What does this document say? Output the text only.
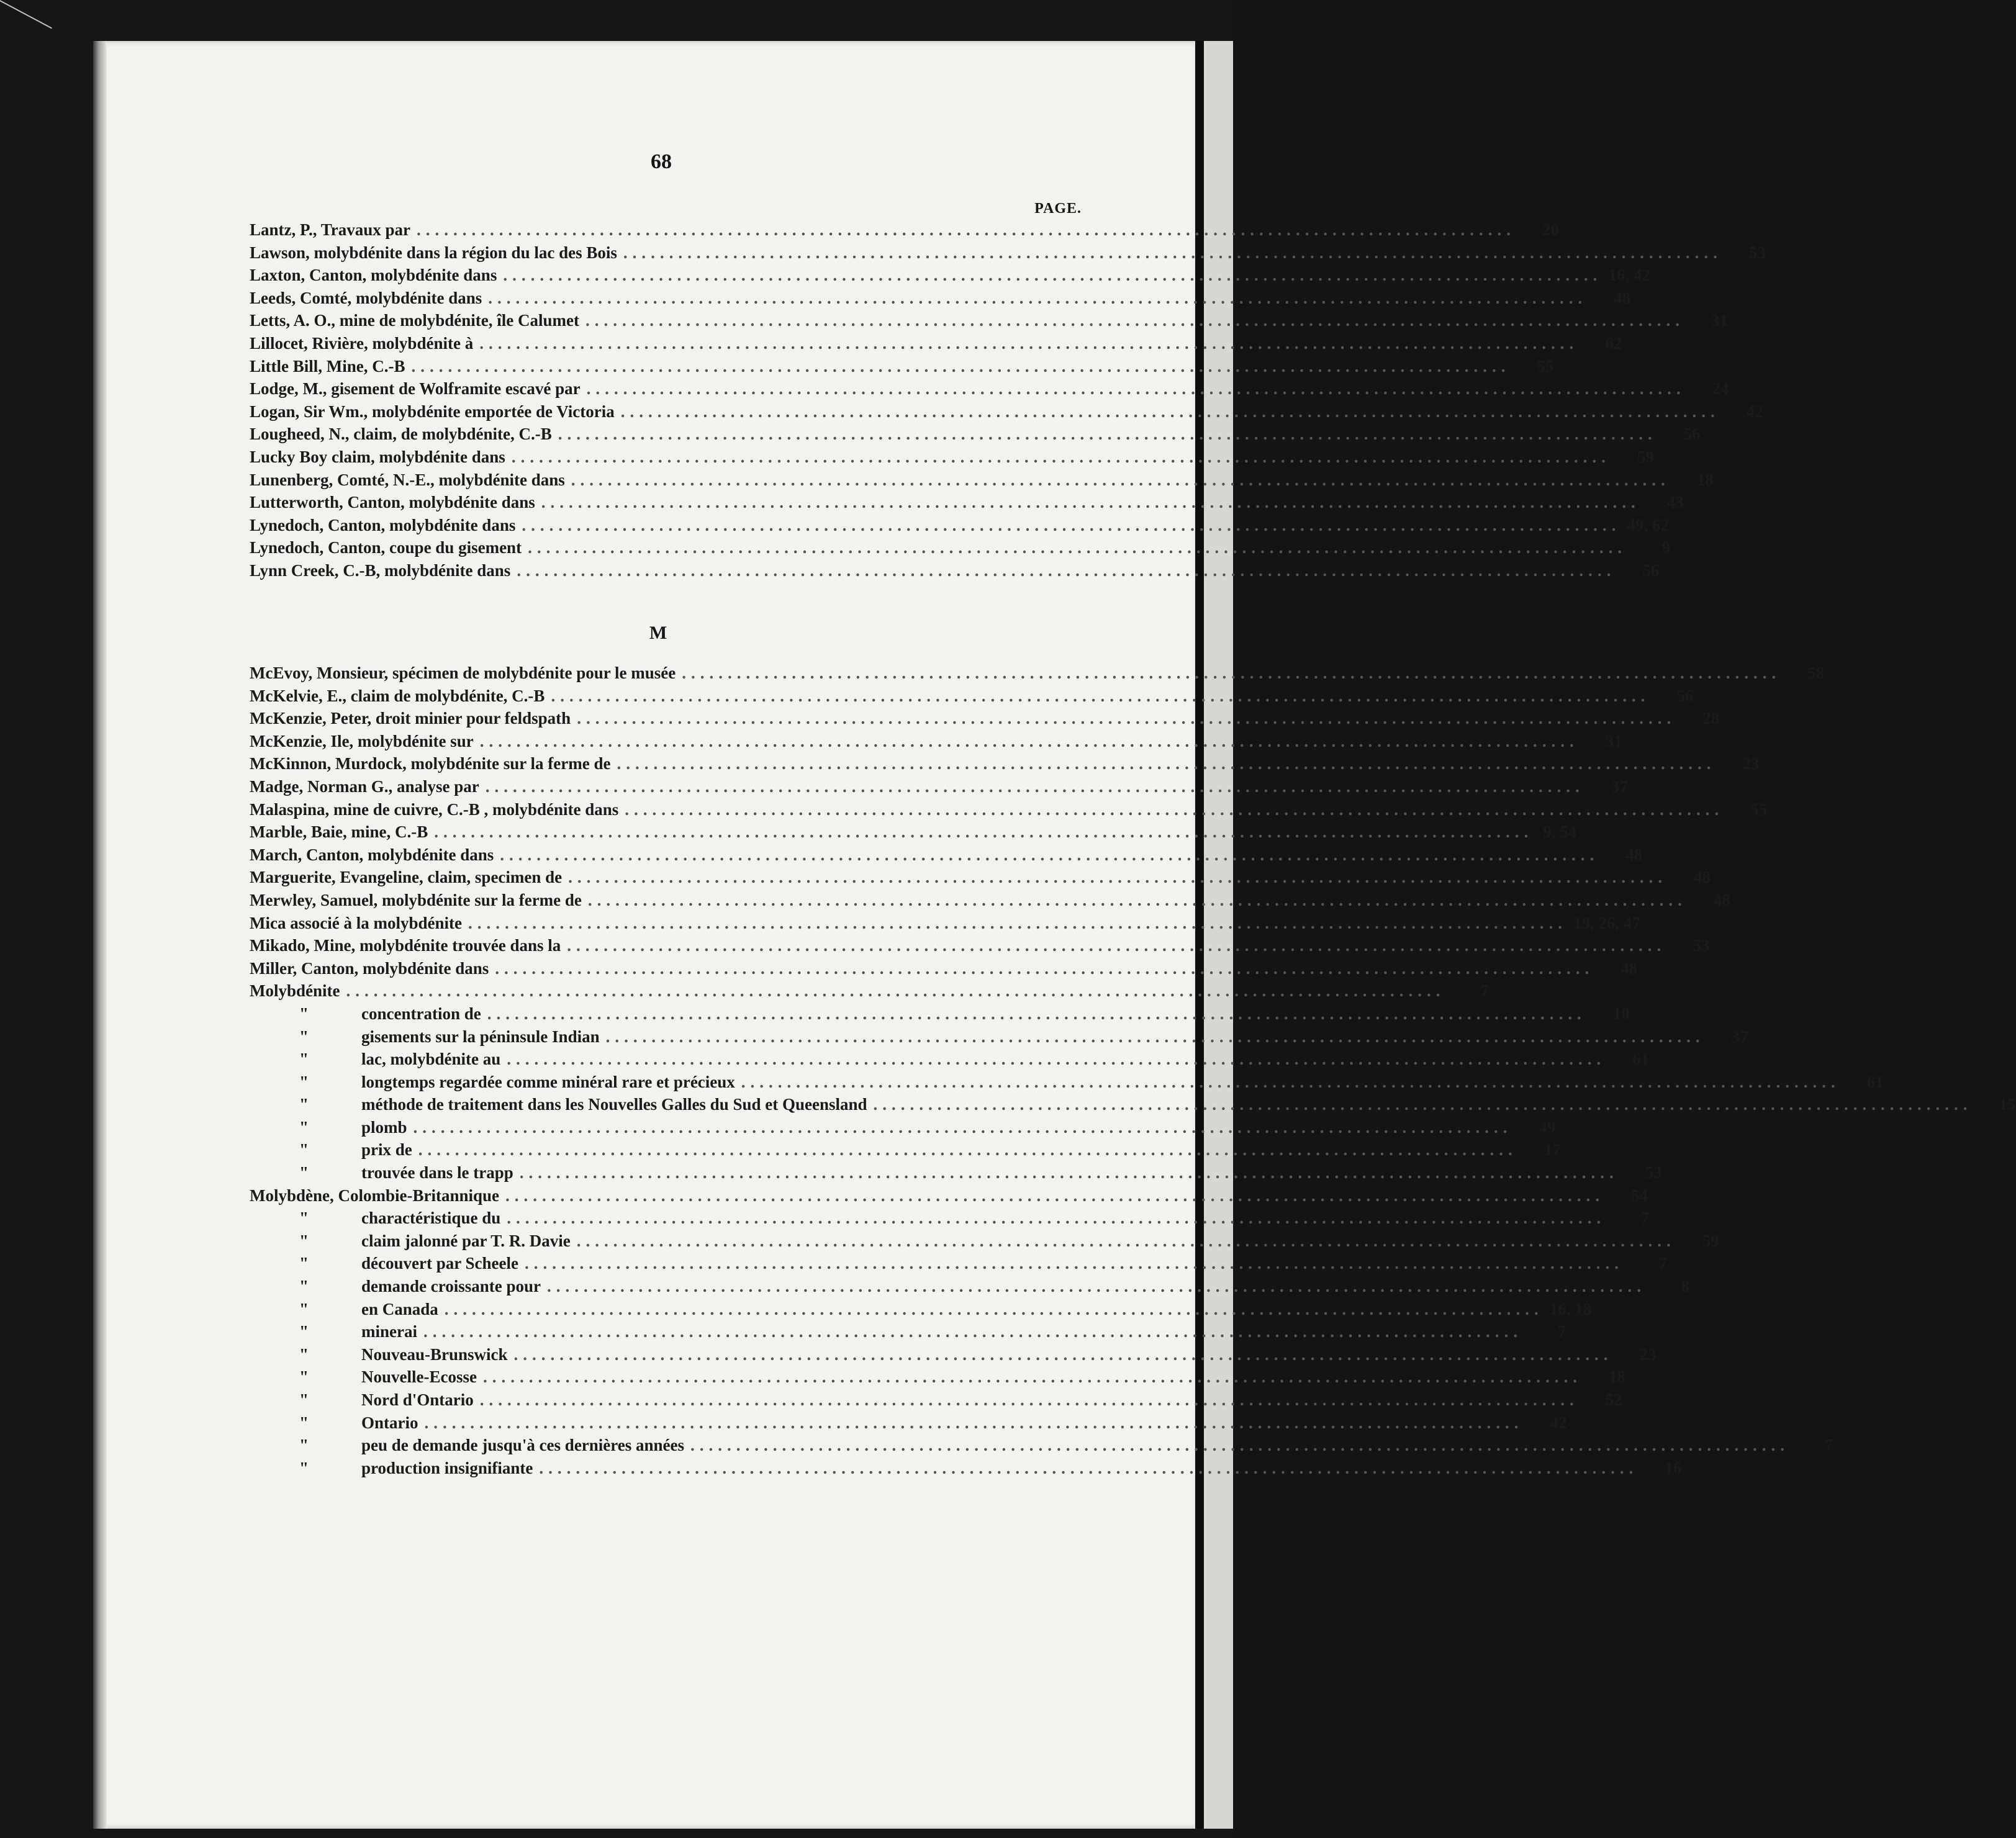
68
PAGE.
Lantz, P., Travaux par ........................................................................................................................	20
Lawson, molybdénite dans la région du lac des Bois ........................................................................................................................	53
Laxton, Canton, molybdénite dans ........................................................................................................................ 16, 42
Leeds, Comté, molybdénite dans ........................................................................................................................	48
Letts, A. O., mine de molybdénite, île Calumet ........................................................................................................................	31
Lillocet, Rivière, molybdénite à ........................................................................................................................	62
Little Bill, Mine, C.-B ........................................................................................................................	55
Lodge, M., gisement de Wolframite escavé par ........................................................................................................................	24
Logan, Sir Wm., molybdénite emportée de Victoria ........................................................................................................................	42
Lougheed, N., claim, de molybdénite, C.-B ........................................................................................................................	56
Lucky Boy claim, molybdénite dans ........................................................................................................................	59
Lunenberg, Comté, N.-E., molybdénite dans ........................................................................................................................	18
Lutterworth, Canton, molybdénite dans ........................................................................................................................	43
Lynedoch, Canton, molybdénite dans ........................................................................................................................ 49, 62
Lynedoch, Canton, coupe du gisement ........................................................................................................................	9
Lynn Creek, C.-B, molybdénite dans ........................................................................................................................	56
M
McEvoy, Monsieur, spécimen de molybdénite pour le musée ........................................................................................................................	58
McKelvie, E., claim de molybdénite, C.-B ........................................................................................................................	56
McKenzie, Peter, droit minier pour feldspath ........................................................................................................................	28
McKenzie, Ile, molybdénite sur ........................................................................................................................	31
McKinnon, Murdock, molybdénite sur la ferme de ........................................................................................................................	23
Madge, Norman G., analyse par ........................................................................................................................	37
Malaspina, mine de cuivre, C.-B , molybdénite dans ........................................................................................................................	55
Marble, Baie, mine, C.-B ........................................................................................................................ 9, 54
March, Canton, molybdénite dans ........................................................................................................................	48
Marguerite, Evangeline, claim, specimen de ........................................................................................................................	48
Merwley, Samuel, molybdénite sur la ferme de ........................................................................................................................	48
Mica associé à la molybdénite ........................................................................................................................ 19, 26, 47
Mikado, Mine, molybdénite trouvée dans la ........................................................................................................................	53
Miller, Canton, molybdénite dans ........................................................................................................................	48
Molybdénite ........................................................................................................................	7
"	concentration de ........................................................................................................................	10
"	gisements sur la péninsule Indian ........................................................................................................................	37
"	lac, molybdénite au ........................................................................................................................	61
"	longtemps regardée comme minéral rare et précieux ........................................................................................................................	61
"	méthode de traitement dans les Nouvelles Galles du Sud et Queensland ........................................................................................................................	15
"	plomb ........................................................................................................................	49
"	prix de ........................................................................................................................	17
"	trouvée dans le trapp ........................................................................................................................	53
Molybdène, Colombie-Britannique ........................................................................................................................	54
"	charactéristique du ........................................................................................................................	7
"	claim jalonné par T. R. Davie ........................................................................................................................	59
"	découvert par Scheele ........................................................................................................................	7
"	demande croissante pour ........................................................................................................................	8
"	en Canada ........................................................................................................................ 16, 18
"	minerai ........................................................................................................................	7
"	Nouveau-Brunswick ........................................................................................................................	23
"	Nouvelle-Ecosse ........................................................................................................................	18
"	Nord d'Ontario ........................................................................................................................	52
"	Ontario ........................................................................................................................	42
"	peu de demande jusqu'à ces dernières années ........................................................................................................................	7
"	production insignifiante ........................................................................................................................	16
